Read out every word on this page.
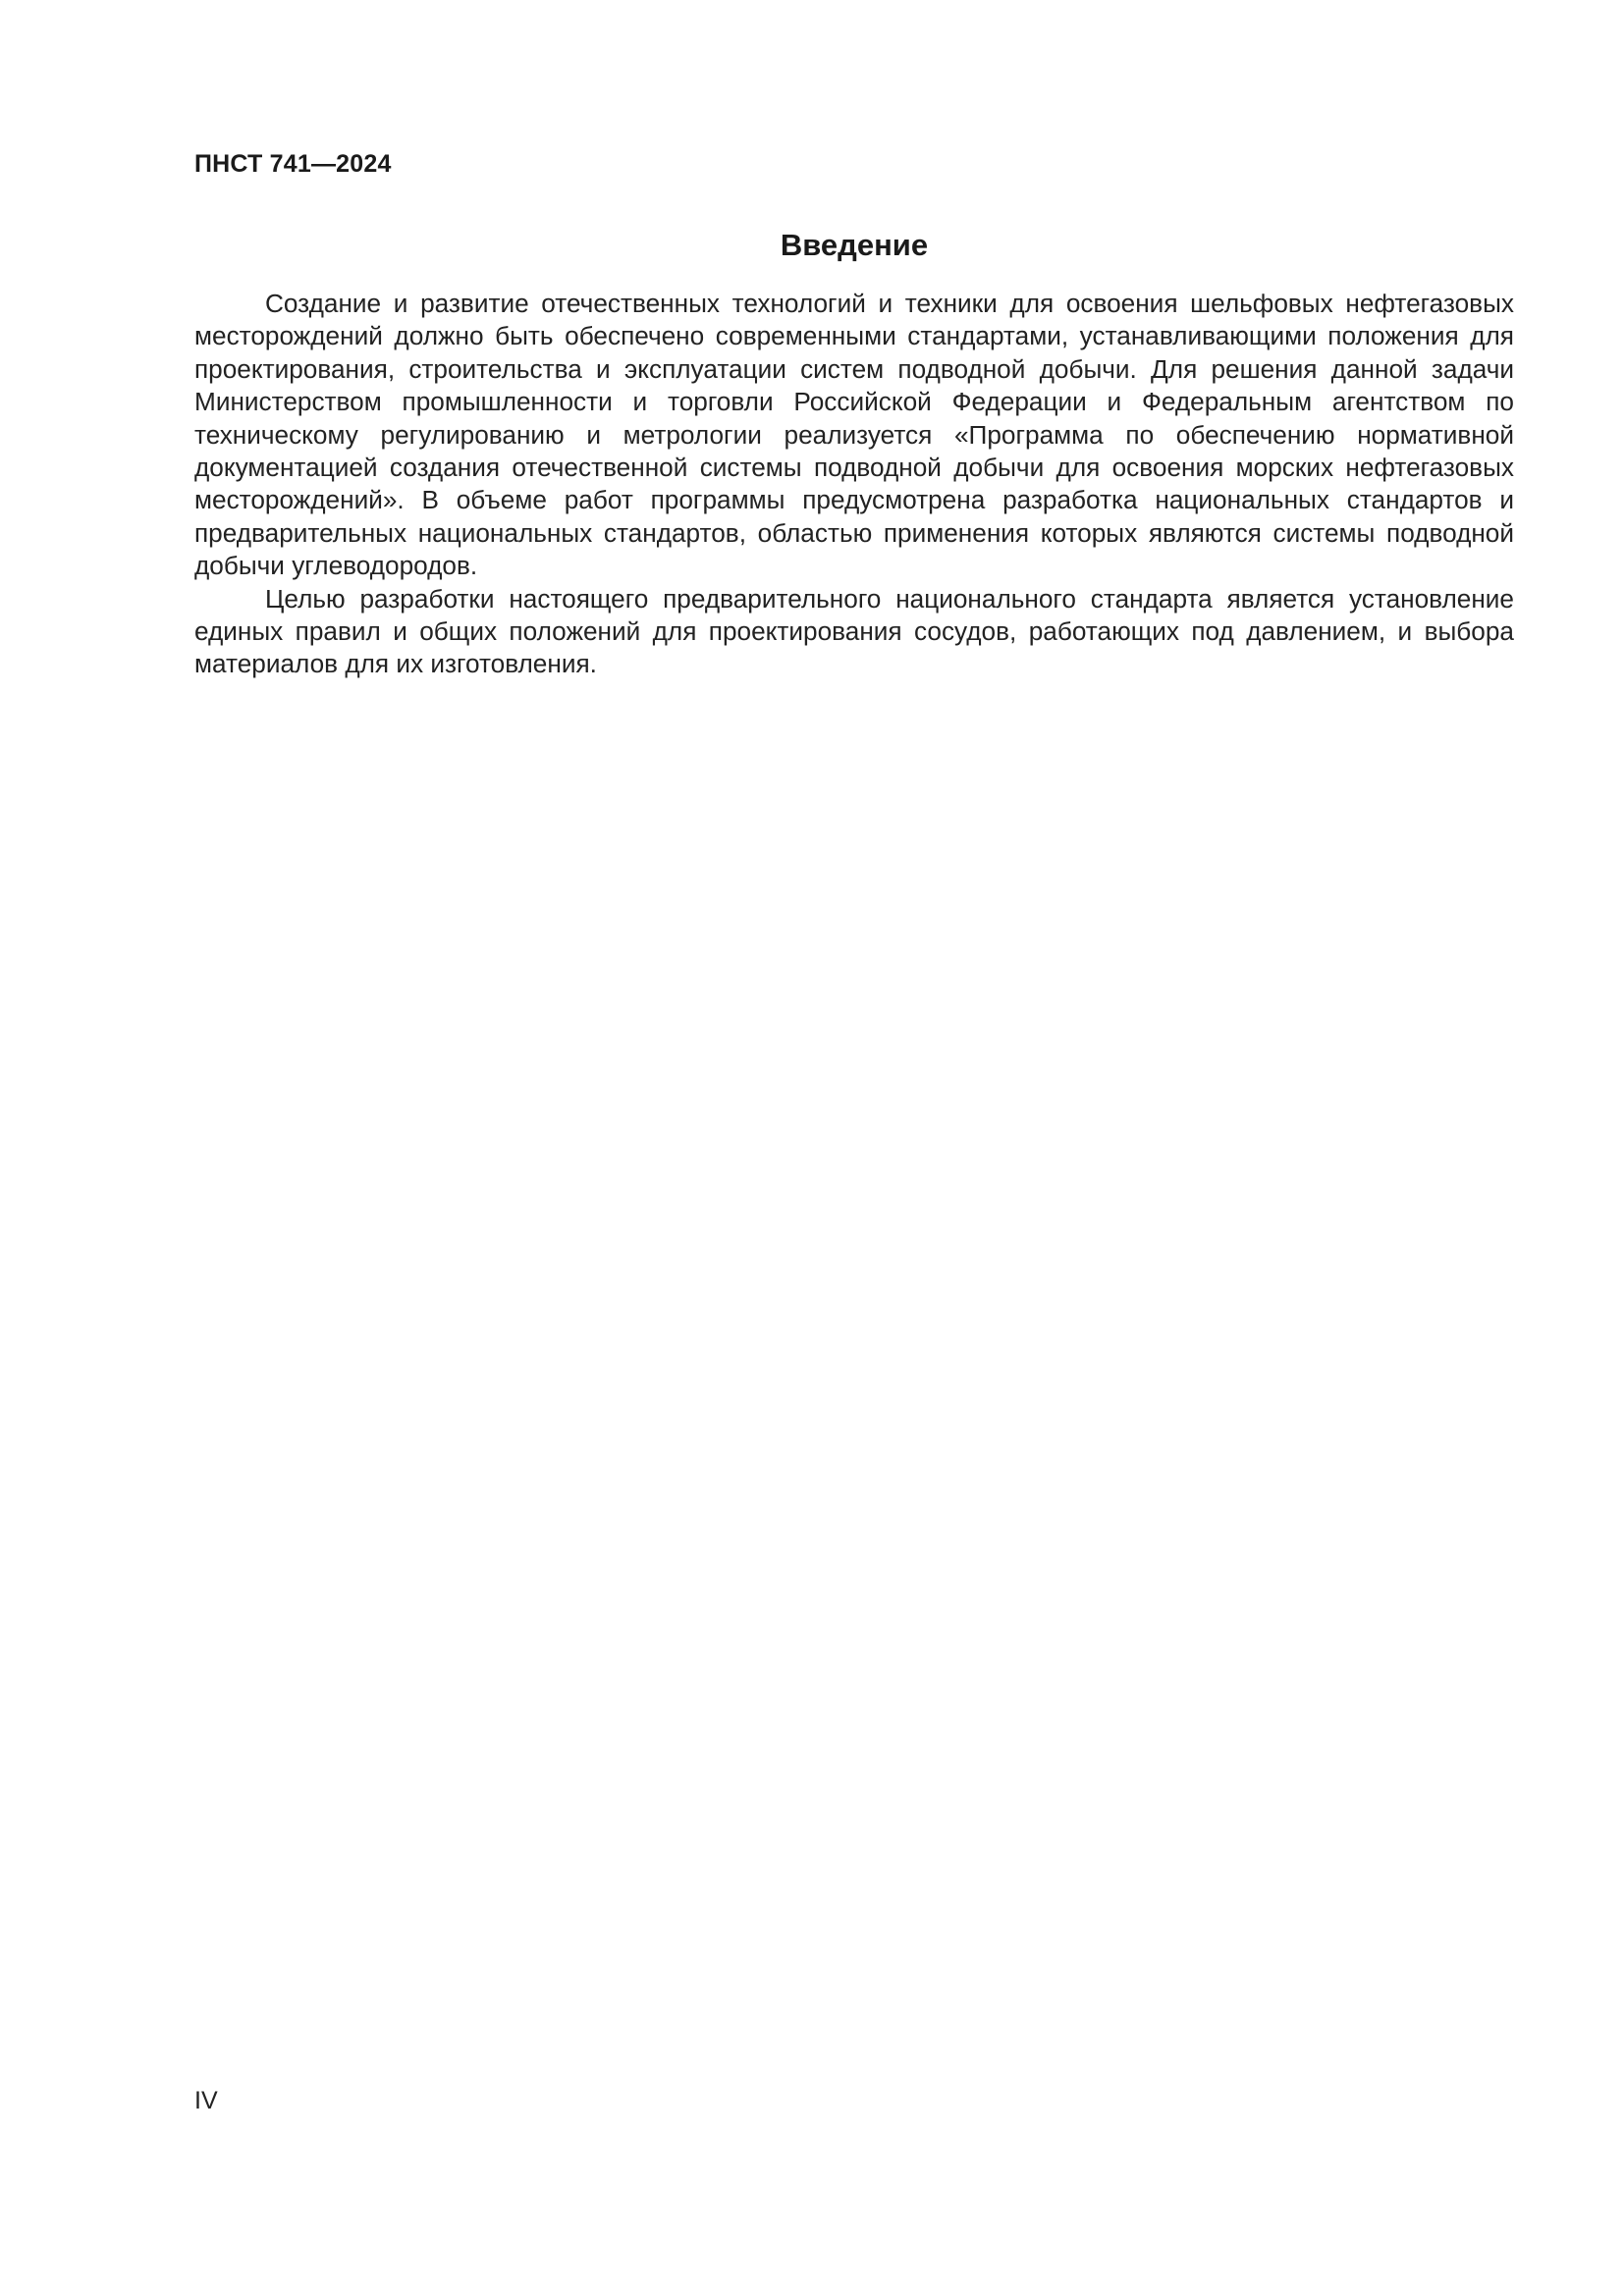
ПНСТ 741—2024
Введение

Создание и развитие отечественных технологий и техники для освоения шельфовых нефтегазовых месторождений должно быть обеспечено современными стандартами, устанавливающими положения для проектирования, строительства и эксплуатации систем подводной добычи. Для решения данной задачи Министерством промышленности и торговли Российской Федерации и Федеральным агентством по техническому регулированию и метрологии реализуется «Программа по обеспечению нормативной документацией создания отечественной системы подводной добычи для освоения морских нефтегазовых месторождений». В объеме работ программы предусмотрена разработка национальных стандартов и предварительных национальных стандартов, областью применения которых являются системы подводной добычи углеводородов.

Целью разработки настоящего предварительного национального стандарта является установление единых правил и общих положений для проектирования сосудов, работающих под давлением, и выбора материалов для их изготовления.

IV
